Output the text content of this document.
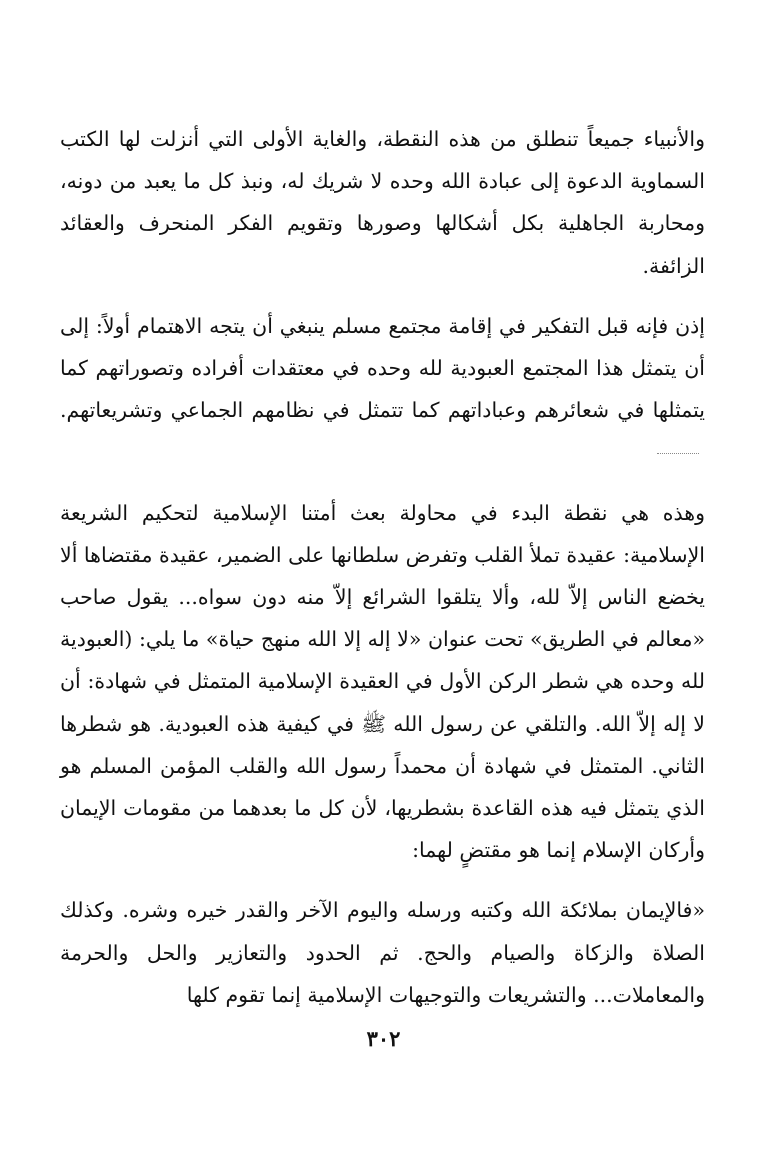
والأنبياء جميعاً تنطلق من هذه النقطة، والغاية الأولى التي أنزلت لها الكتب السماوية الدعوة إلى عبادة الله وحده لا شريك له، ونبذ كل ما يعبد من دونه، ومحاربة الجاهلية بكل أشكالها وصورها وتقويم الفكر المنحرف والعقائد الزائفة.

إذن فإنه قبل التفكير في إقامة مجتمع مسلم ينبغي أن يتجه الاهتمام أولاً: إلى أن يتمثل هذا المجتمع العبودية لله وحده في معتقدات أفراده وتصوراتهم كما يتمثلها في شعائرهم وعباداتهم كما تتمثل في نظامهم الجماعي وتشريعاتهم.

وهذه هي نقطة البدء في محاولة بعث أمتنا الإسلامية لتحكيم الشريعة الإسلامية: عقيدة تملأ القلب وتفرض سلطانها على الضمير، عقيدة مقتضاها ألا يخضع الناس إلاّ لله، وألا يتلقوا الشرائع إلاّ منه دون سواه... يقول صاحب «معالم في الطريق» تحت عنوان «لا إله إلا الله منهج حياة» ما يلي: (العبودية لله وحده هي شطر الركن الأول في العقيدة الإسلامية المتمثل في شهادة: أن لا إله إلاّ الله. والتلقي عن رسول الله ﷺ في كيفية هذه العبودية. هو شطرها الثاني. المتمثل في شهادة أن محمداً رسول الله والقلب المؤمن المسلم هو الذي يتمثل فيه هذه القاعدة بشطريها، لأن كل ما بعدهما من مقومات الإيمان وأركان الإسلام إنما هو مقتضٍ لهما:

«فالإيمان بملائكة الله وكتبه ورسله واليوم الآخر والقدر خيره وشره. وكذلك الصلاة والزكاة والصيام والحج. ثم الحدود والتعازير والحل والحرمة والمعاملات... والتشريعات والتوجيهات الإسلامية إنما تقوم كلها

٣٠٢
